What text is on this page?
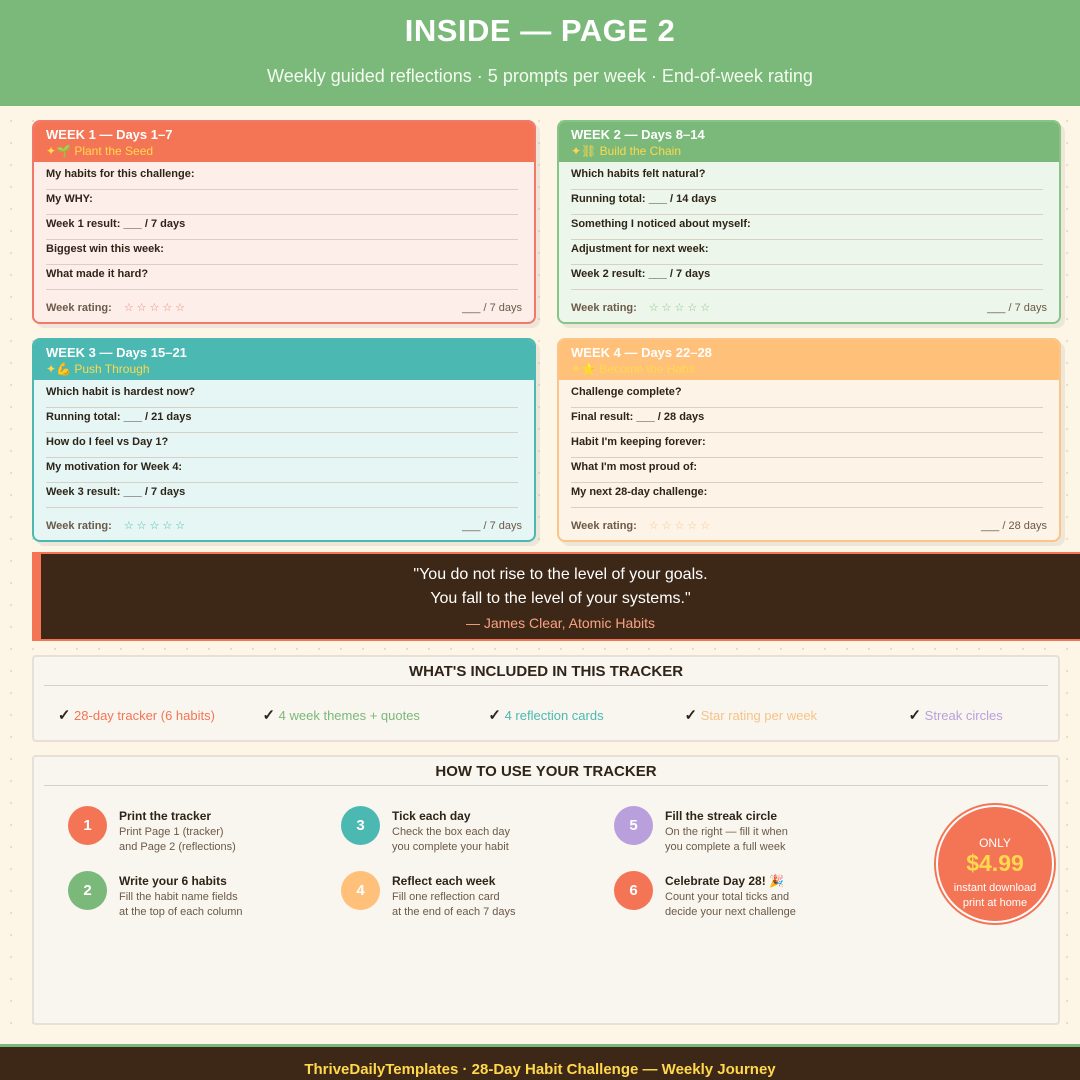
INSIDE — PAGE 2
Weekly guided reflections · 5 prompts per week · End-of-week rating
WEEK 1 — Days 1–7
✦🌱 Plant the Seed
My habits for this challenge:
My WHY:
Week 1 result: ___ / 7 days
Biggest win this week:
What made it hard?
Week rating: ☆☆☆☆☆	___ / 7 days
WEEK 2 — Days 8–14
✦⛓ Build the Chain
Which habits felt natural?
Running total: ___ / 14 days
Something I noticed about myself:
Adjustment for next week:
Week 2 result: ___ / 7 days
Week rating: ☆☆☆☆☆	___ / 7 days
WEEK 3 — Days 15–21
✦💪 Push Through
Which habit is hardest now?
Running total: ___ / 21 days
How do I feel vs Day 1?
My motivation for Week 4:
Week 3 result: ___ / 7 days
Week rating: ☆☆☆☆☆	___ / 7 days
WEEK 4 — Days 22–28
✦⭐ Become the Habit
Challenge complete?
Final result: ___ / 28 days
Habit I'm keeping forever:
What I'm most proud of:
My next 28-day challenge:
Week rating: ☆☆☆☆☆	___ / 28 days
"You do not rise to the level of your goals.
You fall to the level of your systems."
— James Clear, Atomic Habits
WHAT'S INCLUDED IN THIS TRACKER
✓ 28-day tracker (6 habits)	✓ 4 week themes + quotes	✓ 4 reflection cards	✓ Star rating per week	✓ Streak circles
HOW TO USE YOUR TRACKER
1
Print the tracker
Print Page 1 (tracker)
and Page 2 (reflections)
2
Write your 6 habits
Fill the habit name fields
at the top of each column
3
Tick each day
Check the box each day
you complete your habit
4
Reflect each week
Fill one reflection card
at the end of each 7 days
5
Fill the streak circle
On the right — fill it when
you complete a full week
6
Celebrate Day 28! 🎉
Count your total ticks and
decide your next challenge
ONLY
$4.99
instant download
print at home
ThriveDailyTemplates · 28-Day Habit Challenge — Weekly Journey
